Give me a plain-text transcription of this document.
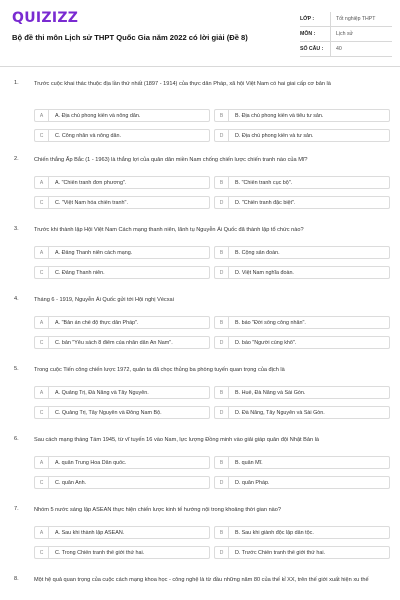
QUIZIZZ
Bộ đề thi môn Lịch sử THPT Quốc Gia năm 2022 có lời giải (Đề 8)
LỚP :	Tốt nghiệp THPT
MÔN :	Lịch sử
SỐ CÂU :	40
1.	Trước cuộc khai thác thuộc địa lần thứ nhất (1897 - 1914) của thực dân Pháp, xã hội Việt Nam có hai giai cấp cơ bản là
A	A. Địa chủ phong kiến và nông dân.	B	B. Địa chủ phong kiến và tiểu tư sản.
C	C. Công nhân và nông dân.	D	D. Địa chủ phong kiến và tư sản.
2.	Chiến thắng Ấp Bắc (1 - 1963) là thắng lợi của quân dân miền Nam chống chiến lược chiến tranh nào của Mĩ?
A	A. "Chiến tranh đơn phương".	B	B. "Chiến tranh cục bộ".
C	C. "Việt Nam hóa chiến tranh".	D	D. "Chiến tranh đặc biệt".
3.	Trước khi thành lập Hội Việt Nam Cách mạng thanh niên, lãnh tụ Nguyễn Ái Quốc đã thành lập tổ chức nào?
A	A. Đảng Thanh niên cách mạng.	B	B. Cộng sản đoàn.
C	C. Đảng Thanh niên.	D	D. Việt Nam nghĩa đoàn.
4.	Tháng 6 - 1919, Nguyễn Ái Quốc gửi tới Hội nghị Vécxai
A	A. "Bản án chế độ thực dân Pháp".	B	B. báo "Đời sống công nhân".
C	C. bản "Yêu sách 8 điểm của nhân dân An Nam".	D	D. báo "Người cùng khổ".
5.	Trong cuộc Tiến công chiến lược 1972, quân ta đã chọc thủng ba phòng tuyến quan trọng của địch là
A	A. Quảng Trị, Đà Nẵng và Tây Nguyên.	B	B. Huế, Đà Nẵng và Sài Gòn.
C	C. Quảng Trị, Tây Nguyên và Đông Nam Bộ.	D	D. Đà Nẵng, Tây Nguyên và Sài Gòn.
6.	Sau cách mạng tháng Tám 1945, từ vĩ tuyến 16 vào Nam, lực lượng Đồng minh vào giải giáp quân đội Nhật Bản là
A	A. quân Trung Hoa Dân quốc.	B	B. quân Mĩ.
C	C. quân Anh.	D	D. quân Pháp.
7.	Nhóm 5 nước sáng lập ASEAN thực hiện chiến lược kinh tế hướng nội trong khoảng thời gian nào?
A	A. Sau khi thành lập ASEAN.	B	B. Sau khi giành độc lập dân tộc.
C	C. Trong Chiến tranh thế giới thứ hai.	D	D. Trước Chiến tranh thế giới thứ hai.
8.	Một hệ quả quan trọng của cuộc cách mạng khoa học - công nghệ là từ đầu những năm 80 của thế kỉ XX, trên thế giới xuất hiện xu thế
